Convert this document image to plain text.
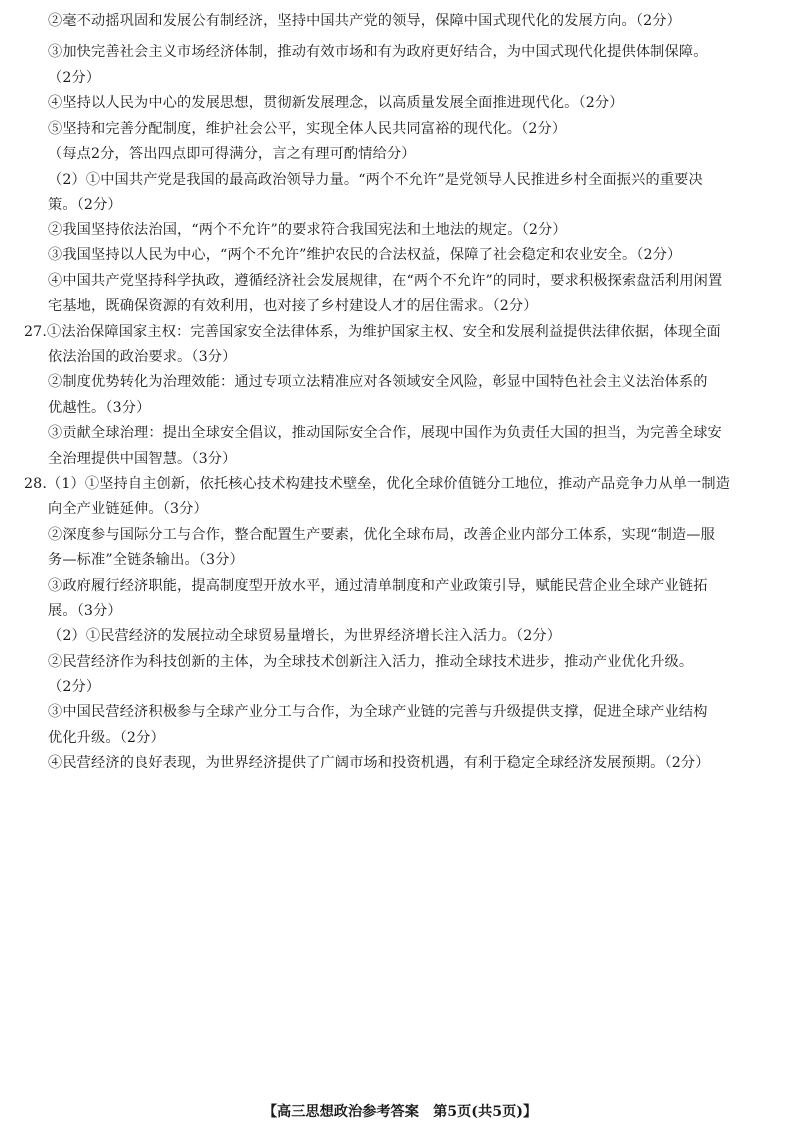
②毫不动摇巩固和发展公有制经济，坚持中国共产党的领导，保障中国式现代化的发展方向。（2分）
③加快完善社会主义市场经济体制，推动有效市场和有为政府更好结合，为中国式现代化提供体制保障。
（2分）
④坚持以人民为中心的发展思想，贯彻新发展理念，以高质量发展全面推进现代化。（2分）
⑤坚持和完善分配制度，维护社会公平，实现全体人民共同富裕的现代化。（2分）
（每点2分，答出四点即可得满分，言之有理可酌情给分）
（2）①中国共产党是我国的最高政治领导力量。“两个不允许”是党领导人民推进乡村全面振兴的重要决
策。（2分）
②我国坚持依法治国，“两个不允许”的要求符合我国宪法和土地法的规定。（2分）
③我国坚持以人民为中心，“两个不允许”维护农民的合法权益，保障了社会稳定和农业安全。（2分）
④中国共产党坚持科学执政，遵循经济社会发展规律，在“两个不允许”的同时，要求积极探索盘活利用闲置
宅基地，既确保资源的有效利用，也对接了乡村建设人才的居住需求。（2分）
27.①法治保障国家主权：完善国家安全法律体系，为维护国家主权、安全和发展利益提供法律依据，体现全面
依法治国的政治要求。（3分）
②制度优势转化为治理效能：通过专项立法精准应对各领域安全风险，彰显中国特色社会主义法治体系的
优越性。（3分）
③贡献全球治理：提出全球安全倡议，推动国际安全合作，展现中国作为负责任大国的担当，为完善全球安
全治理提供中国智慧。（3分）
28.（1）①坚持自主创新，依托核心技术构建技术壁垒，优化全球价值链分工地位，推动产品竞争力从单一制造
向全产业链延伸。（3分）
②深度参与国际分工与合作，整合配置生产要素，优化全球布局，改善企业内部分工体系，实现“制造—服
务—标准”全链条输出。（3分）
③政府履行经济职能，提高制度型开放水平，通过清单制度和产业政策引导，赋能民营企业全球产业链拓
展。（3分）
（2）①民营经济的发展拉动全球贸易量增长，为世界经济增长注入活力。（2分）
②民营经济作为科技创新的主体，为全球技术创新注入活力，推动全球技术进步，推动产业优化升级。
（2分）
③中国民营经济积极参与全球产业分工与合作，为全球产业链的完善与升级提供支撑，促进全球产业结构
优化升级。（2分）
④民营经济的良好表现，为世界经济提供了广阔市场和投资机遇，有利于稳定全球经济发展预期。（2分）
【高三思想政治参考答案　第5页(共5页)】
